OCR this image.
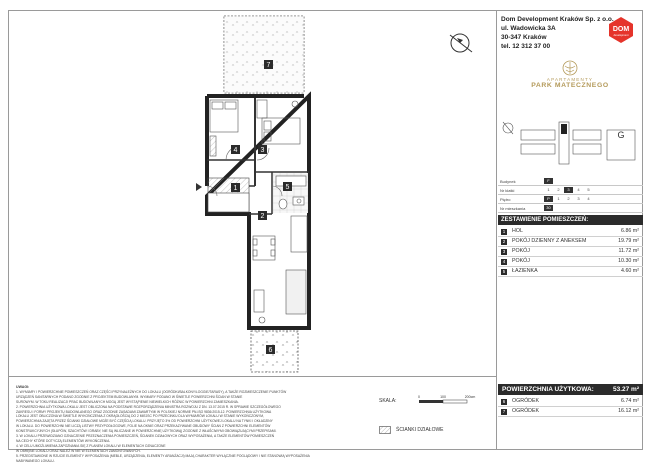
1
2
3
4
5
6
7
Dom Development Kraków Sp. z o.o.
ul. Wadowicka 3A
30-347 Kraków
tel. 12 312 37 00
DOM
development
APARTAMENTY
PARK MATECZNEGO
G
Budynek	F
Nr klatki	1	2	3	4	5
Piętro	P	1	2	3	4
Nr mieszkania	30
ZESTAWIENIE POMIESZCZEŃ:
1	HOL	6.86 m²
2	POKÓJ DZIENNY Z ANEKSEM	19.79 m²
3	POKÓJ	11.72 m²
4	POKÓJ	10.30 m²
5	ŁAZIENKA	4.60 m²
POWIERZCHNIA UŻYTKOWA:	53.27 m²
6	OGRÓDEK	6.74 m²
7	OGRÓDEK	16.12 m²
UWAGI:
1. WYMIARY I POWIERZCHNIE POMIESZCZEŃ ORAZ CZĘŚCI PRZYNALEŻNYCH DO LOKALU (OGRÓDKI/BALKONY/LOGGIE/TARASY), A TAKŻE ROZMIESZCZENIE PUNKTÓW
URZĄDZEŃ SANITARNYCH PODANO ZGODNIE Z PROJEKTEM BUDOWLANYM. WYMIARY PODANO W ŚWIETLE POWIERZCHNI ŚCIAN W STANIE
SUROWYM. W TOKU REALIZACJI PRAC BUDOWLANYCH MOGĄ JEST WYSTĄPIENIE NIEWIELKICH RÓŻNIC W POWIERZCHNI ZAMIESZKANIA.
2. POWIERZCHNIA UŻYTKOWA LOKALU JEST OBLICZONA NA PODSTAWIE ROZPORZĄDZENIA MINISTRA ROZWOJU Z DN. 13.07.2015 R. W SPRAWIE SZCZEGÓŁOWEGO
ZAKRESU I FORMY PROJEKTU BUDOWLANEGO ORAZ ZGODNIE ZASADAMI ZAWARTYMI W POLSKIEJ NORMIE PN-ISO 9836:2015-12. POWIERZCHNIA UŻYTKOWA
LOKALU JEST OBLICZONA W ŚWIETLE WYKOŃCZENIA Z OKRĄGŁOŚCIĄ DO 2 MIEJSC PO PRZECINKU DLA WYMIARÓW LOKALU W STANIE WYKOŃCZONYM,
POWIERZCHNIA ZAJĘTA PRZEZ ŚCIANKI DZIAŁOWE MOŻE BYĆ CZĘŚCIĄ LOKALU. PRZYJĘTO 3% OD POWIERZCHNI UŻYTKOWEJ LOKALU NA TYNKI I OKŁADZINY
W LOKALU. DO POWIERZCHNI NIE LICZĄ LISTWY PRZYPODŁOGOWE, FOLIE NA OKNIE ORAZ PRZEKAZYWANE OBUDOWY ŚCIAN Z POWIERZCHNI ELEMENTÓW
KONSTRUKCYJNYCH (SŁUPÓW, SZACHTÓW I DRABY, NIE SĄ WLICZANE W POWIERZCHNIĘ UŻYTKOWĄ) ZGODNIE Z WŁAŚCIWYMI OBOWIĄZUJĄCYMI PRZEPISAMI.
3. W LOKALU PRZEWIDZIANO OZNACZENIE PRZEZNACZENIA POMIESZCZEŃ, ŚCIANEK DZIAŁOWYCH ORAZ WYPOSAŻENIA, A TAKŻE ELEMENTÓW POMIESZCZEŃ
NA CECHY KTÓRE DOTYCZĄ ELEMENTÓW WYKOŃCZENIA.
4. W CELU UMOŻLIWIENIA ZAPOZNANIA SIĘ Z PLANEM LOKALU W ELEMENTACH OZNACZONE
W OBRĘBIE LOKALU ORAZ NALEŻ W NIE W ELEMENTACH ZAMONTOWANYCH.
5. PRZEDSTAWIONE W RZUCIE ELEMENTY WYPOSAŻENIA (MEBLE, URZĄDZENIA, ELEMENTY ARANŻACJI) MAJĄ CHARAKTER WYŁĄCZNIE POGLĄDOWY I NIE STANOWIĄ WYPOSAŻENIA NABYWANEGO LOKALU.
SKALA:
0	100	200cm
ŚCIANKI DZIAŁOWE
